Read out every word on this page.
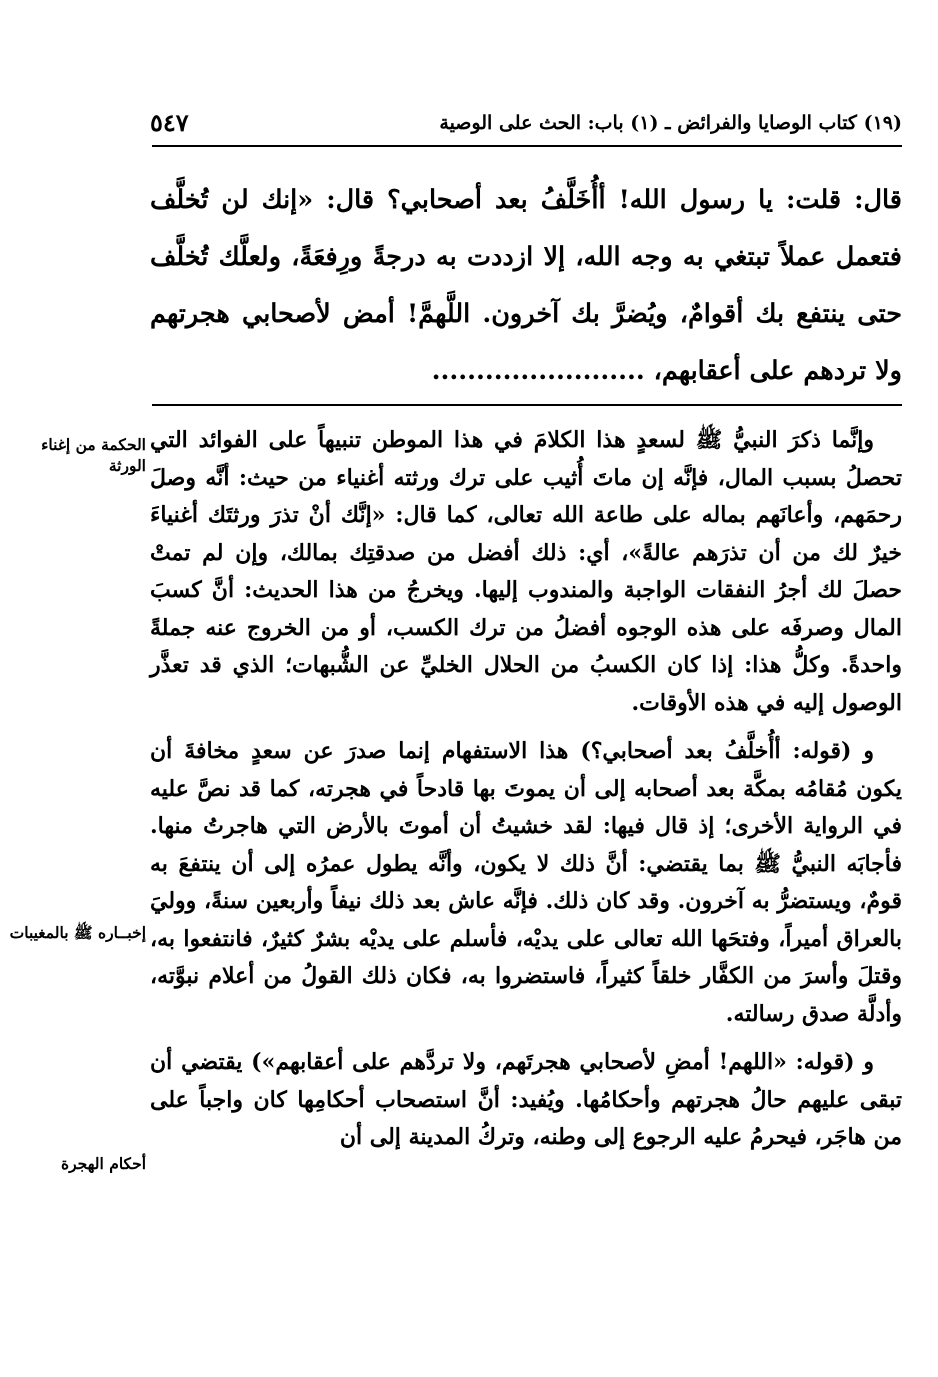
(١٩) كتاب الوصايا والفرائض ـ (١) باب: الحث على الوصية
٥٤٧

قال: قلت: يا رسول الله! أأُخَلَّفُ بعد أصحابي؟ قال: «إنك لن تُخلَّف فتعمل عملاً تبتغي به وجه الله، إلا ازددت به درجةً ورِفعَةً، ولعلَّك تُخلَّف حتى ينتفع بك أقوامٌ، ويُضرَّ بك آخرون. اللَّهمَّ! أمض لأصحابي هجرتهم ولا تردهم على أعقابهم، ........................

وإنَّما ذكرَ النبيُّ ﷺ لسعدٍ هذا الكلامَ في هذا الموطن تنبيهاً على الفوائد التي تحصلُ بسبب المال، فإنَّه إن ماتَ أُثيب على ترك ورثته أغنياء من حيث: أنَّه وصلَ رحمَهم، وأعانَهم بماله على طاعة الله تعالى، كما قال: «إنَّك أنْ تذرَ ورثتَك أغنياءَ خيرٌ لك من أن تذرَهم عالةً»، أي: ذلك أفضل من صدقتِك بمالك، وإن لم تمتْ حصلَ لك أجرُ النفقات الواجبة والمندوب إليها. ويخرجُ من هذا الحديث: أنَّ كسبَ المال وصرفَه على هذه الوجوه أفضلُ من ترك الكسب، أو من الخروج عنه جملةً واحدةً. وكلُّ هذا: إذا كان الكسبُ من الحلال الخليِّ عن الشُّبهات؛ الذي قد تعذَّر الوصول إليه في هذه الأوقات.

و (قوله: أأُخلَّفُ بعد أصحابي؟) هذا الاستفهام إنما صدرَ عن سعدٍ مخافةَ أن يكون مُقامُه بمكَّة بعد أصحابه إلى أن يموتَ بها قادحاً في هجرته، كما قد نصَّ عليه في الرواية الأخرى؛ إذ قال فيها: لقد خشيتُ أن أموتَ بالأرض التي هاجرتُ منها. فأجابَه النبيُّ ﷺ بما يقتضي: أنَّ ذلك لا يكون، وأنَّه يطول عمرُه إلى أن ينتفعَ به قومٌ، ويستضرُّ به آخرون. وقد كان ذلك. فإنَّه عاش بعد ذلك نيفاً وأربعين سنةً، ووليَ بالعراق أميراً، وفتحَها الله تعالى على يديْه، فأسلم على يديْه بشرٌ كثيرٌ، فانتفعوا به، وقتلَ وأسرَ من الكفَّار خلقاً كثيراً، فاستضروا به، فكان ذلك القولُ من أعلام نبوَّته، وأدلَّة صدق رسالته.

و (قوله: «اللهم! أمضِ لأصحابي هجرتَهم، ولا تردَّهم على أعقابهم») يقتضي أن تبقى عليهم حالُ هجرتهم وأحكامُها. ويُفيد: أنَّ استصحاب أحكامِها كان واجباً على من هاجَر، فيحرمُ عليه الرجوع إلى وطنه، وتركُ المدينة إلى أن

الحكمة من إغناء الورثة
إخبــاره ﷺ بالمغيبات
أحكام الهجرة
